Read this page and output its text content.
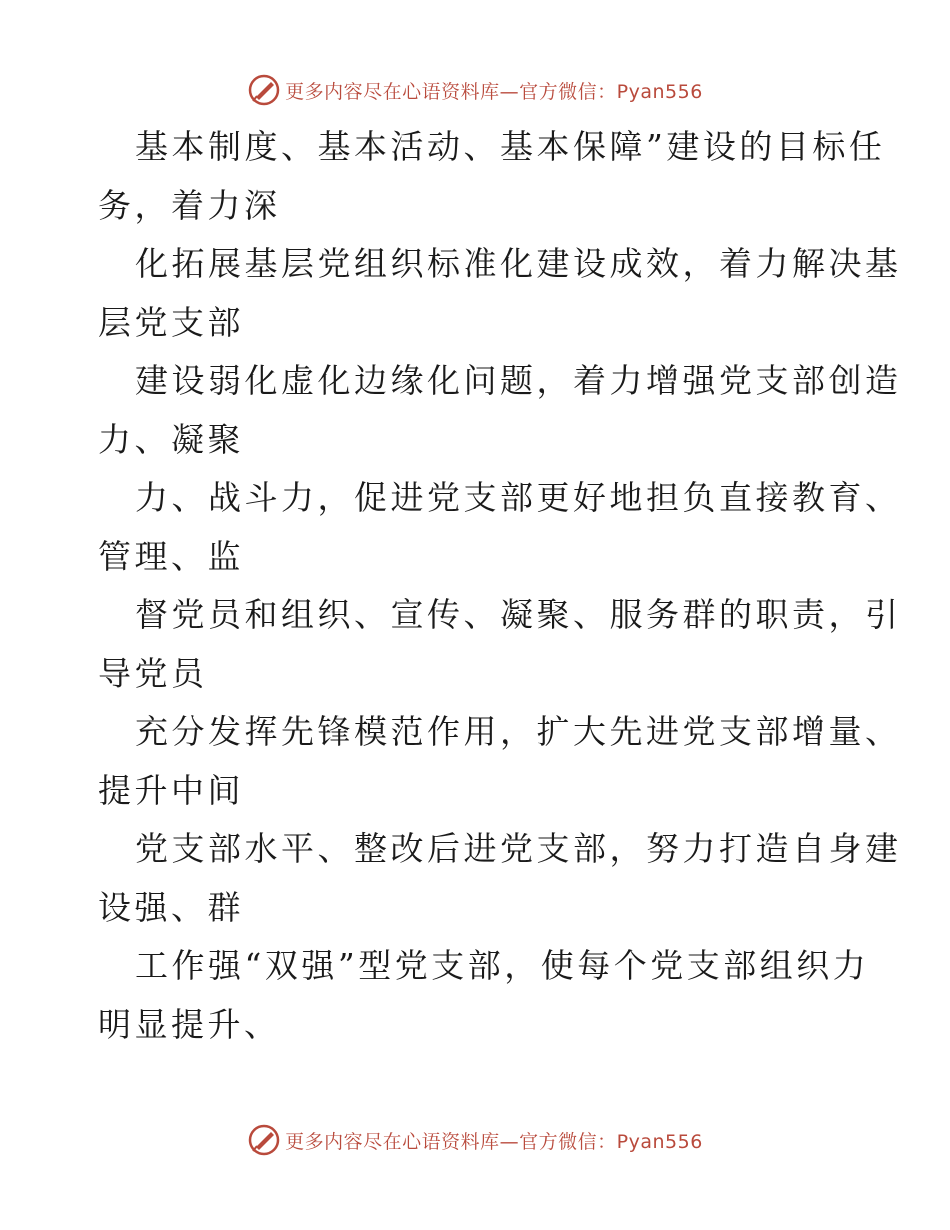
更多内容尽在心语资料库—官方微信：Pyan556
基本制度、基本活动、基本保障”建设的目标任
务，着力深
化拓展基层党组织标准化建设成效，着力解决基
层党支部
建设弱化虚化边缘化问题，着力增强党支部创造
力、凝聚
力、战斗力，促进党支部更好地担负直接教育、
管理、监
督党员和组织、宣传、凝聚、服务群的职责，引
导党员
充分发挥先锋模范作用，扩大先进党支部增量、
提升中间
党支部水平、整改后进党支部，努力打造自身建
设强、群
工作强“双强”型党支部，使每个党支部组织力
明显提升、
更多内容尽在心语资料库—官方微信：Pyan556
